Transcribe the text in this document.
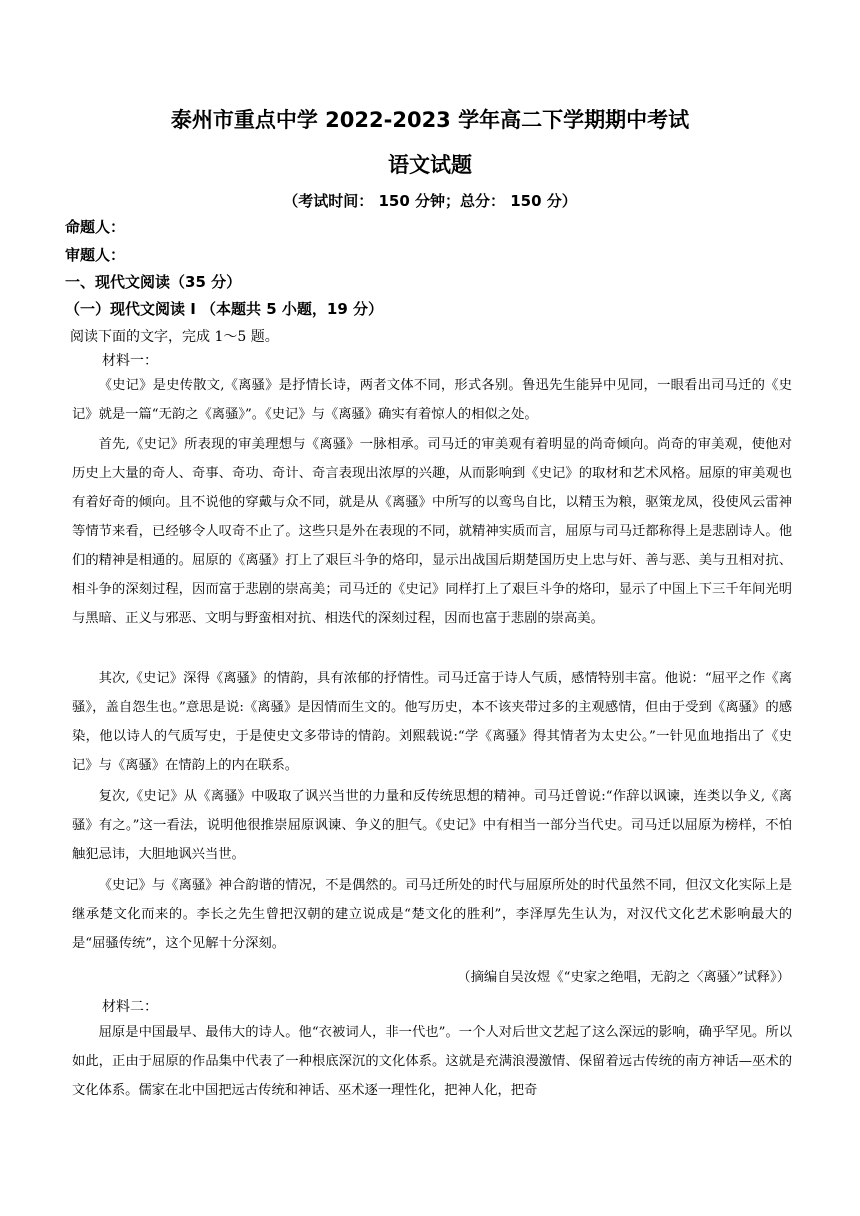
泰州市重点中学 2022-2023 学年高二下学期期中考试
语文试题
（考试时间： 150 分钟；总分： 150 分）
命题人：
审题人：
一、现代文阅读（35 分）
（一）现代文阅读 I （本题共 5 小题，19 分）
阅读下面的文字，完成 1～5 题。
材料一：

《史记》是史传散文,《离骚》是抒情长诗，两者文体不同，形式各别。鲁迅先生能异中见同，一眼看出司马迁的《史记》就是一篇“无韵之《离骚》”。《史记》与《离骚》确实有着惊人的相似之处。

首先,《史记》所表现的审美理想与《离骚》一脉相承。司马迁的审美观有着明显的尚奇倾向。尚奇的审美观，使他对历史上大量的奇人、奇事、奇功、奇计、奇言表现出浓厚的兴趣，从而影响到《史记》的取材和艺术风格。屈原的审美观也有着好奇的倾向。且不说他的穿戴与众不同，就是从《离骚》中所写的以鸾鸟自比，以精玉为粮，驱策龙凤，役使风云雷神等情节来看，已经够令人叹奇不止了。这些只是外在表现的不同，就精神实质而言，屈原与司马迁都称得上是悲剧诗人。他们的精神是相通的。屈原的《离骚》打上了艰巨斗争的烙印，显示出战国后期楚国历史上忠与奸、善与恶、美与丑相对抗、相斗争的深刻过程，因而富于悲剧的崇高美；司马迁的《史记》同样打上了艰巨斗争的烙印，显示了中国上下三千年间光明与黑暗、正义与邪恶、文明与野蛮相对抗、相迭代的深刻过程，因而也富于悲剧的崇高美。

其次,《史记》深得《离骚》的情韵，具有浓郁的抒情性。司马迁富于诗人气质，感情特别丰富。他说：“屈平之作《离骚》，盖自怨生也。”意思是说:《离骚》是因情而生文的。他写历史，本不该夹带过多的主观感情，但由于受到《离骚》的感染，他以诗人的气质写史，于是使史文多带诗的情韵。刘熙载说:“学《离骚》得其情者为太史公。”一针见血地指出了《史记》与《离骚》在情韵上的内在联系。

复次,《史记》从《离骚》中吸取了讽兴当世的力量和反传统思想的精神。司马迁曾说:“作辞以讽谏，连类以争义,《离骚》有之。”这一看法，说明他很推崇屈原讽谏、争义的胆气。《史记》中有相当一部分当代史。司马迁以屈原为榜样，不怕触犯忌讳，大胆地讽兴当世。

《史记》与《离骚》神合韵谐的情况，不是偶然的。司马迁所处的时代与屈原所处的时代虽然不同，但汉文化实际上是继承楚文化而来的。李长之先生曾把汉朝的建立说成是“楚文化的胜利”，李泽厚先生认为，对汉代文化艺术影响最大的是“屈骚传统”，这个见解十分深刻。

（摘编自吴汝煜《“史家之绝唱，无韵之〈离骚〉”试释》）
材料二：

屈原是中国最早、最伟大的诗人。他“衣被词人，非一代也”。一个人对后世文艺起了这么深远的影响，确乎罕见。所以如此，正由于屈原的作品集中代表了一种根底深沉的文化体系。这就是充满浪漫激情、保留着远古传统的南方神话—巫术的文化体系。儒家在北中国把远古传统和神话、巫术逐一理性化，把神人化，把奇
